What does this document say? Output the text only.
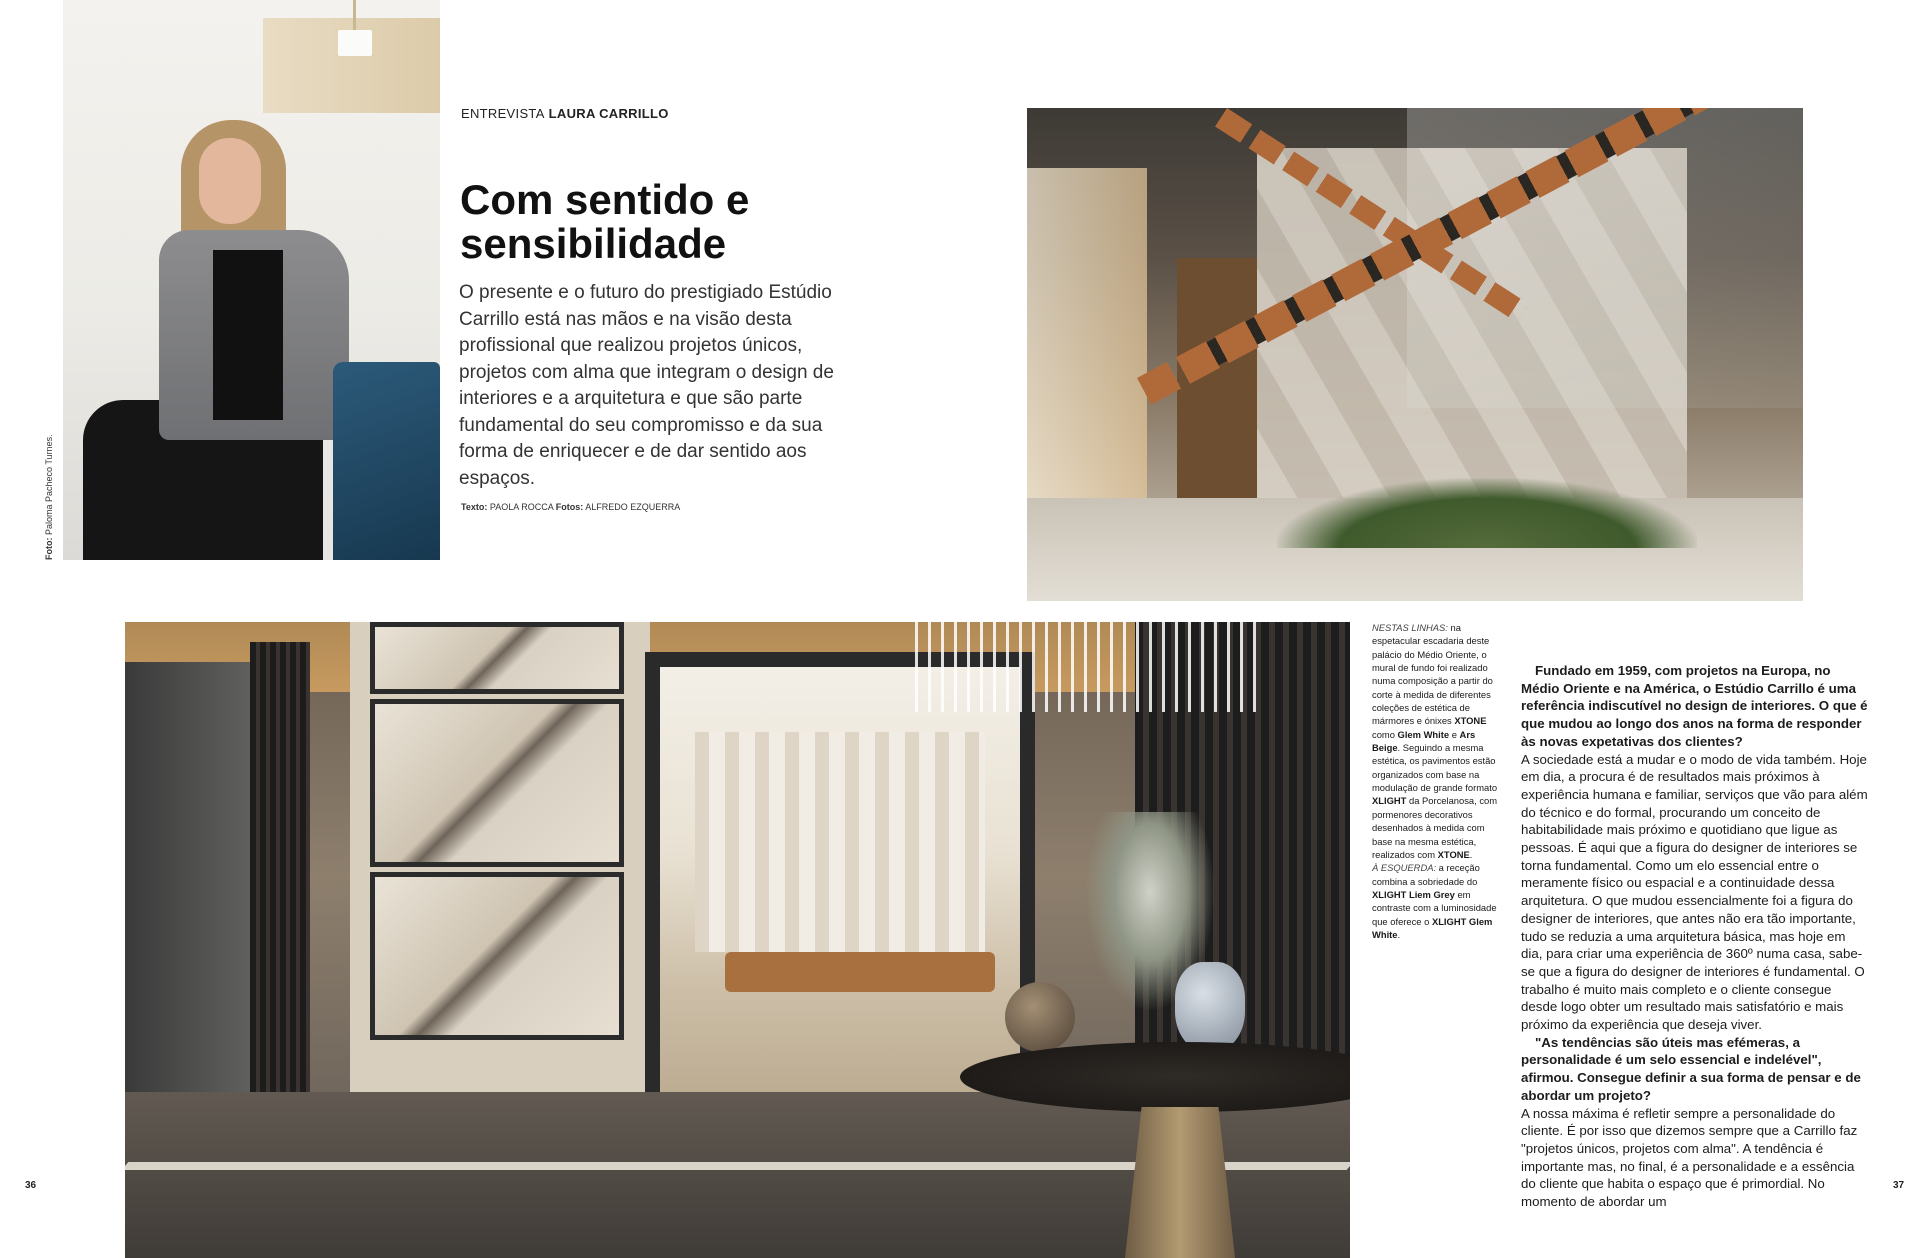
Foto: Paloma Pacheco Turnes.
ENTREVISTA LAURA CARRILLO
Com sentido e sensibilidade

O presente e o futuro do prestigiado Estúdio Carrillo está nas mãos e na visão desta profissional que realizou projetos únicos, projetos com alma que integram o design de interiores e a arquitetura e que são parte fundamental do seu compromisso e da sua forma de enriquecer e de dar sentido aos espaços.

Texto: PAOLA ROCCA Fotos: ALFREDO EZQUERRA

NESTAS LINHAS: na espetacular escadaria deste palácio do Médio Oriente, o mural de fundo foi realizado numa composição a partir do corte à medida de diferentes coleções de estética de mármores e ónixes XTONE como Glem White e Ars Beige. Seguindo a mesma estética, os pavimentos estão organizados com base na modulação de grande formato XLIGHT da Porcelanosa, com pormenores decorativos desenhados à medida com base na mesma estética, realizados com XTONE.
À ESQUERDA: a receção combina a sobriedade do XLIGHT Liem Grey em contraste com a luminosidade que oferece o XLIGHT Glem White.

Fundado em 1959, com projetos na Europa, no Médio Oriente e na América, o Estúdio Carrillo é uma referência indiscutível no design de interiores. O que é que mudou ao longo dos anos na forma de responder às novas expetativas dos clientes?

A sociedade está a mudar e o modo de vida também. Hoje em dia, a procura é de resultados mais próximos à experiência humana e familiar, serviços que vão para além do técnico e do formal, procurando um conceito de habitabilidade mais próximo e quotidiano que ligue as pessoas. É aqui que a figura do designer de interiores se torna fundamental. Como um elo essencial entre o meramente físico ou espacial e a continuidade dessa arquitetura. O que mudou essencialmente foi a figura do designer de interiores, que antes não era tão importante, tudo se reduzia a uma arquitetura básica, mas hoje em dia, para criar uma experiência de 360º numa casa, sabe-se que a figura do designer de interiores é fundamental. O trabalho é muito mais completo e o cliente consegue desde logo obter um resultado mais satisfatório e mais próximo da experiência que deseja viver.

"As tendências são úteis mas efémeras, a personalidade é um selo essencial e indelével", afirmou. Consegue definir a sua forma de pensar e de abordar um projeto?

A nossa máxima é refletir sempre a personalidade do cliente. É por isso que dizemos sempre que a Carrillo faz "projetos únicos, projetos com alma". A tendência é importante mas, no final, é a personalidade e a essência do cliente que habita o espaço que é primordial. No momento de abordar um

36	37
